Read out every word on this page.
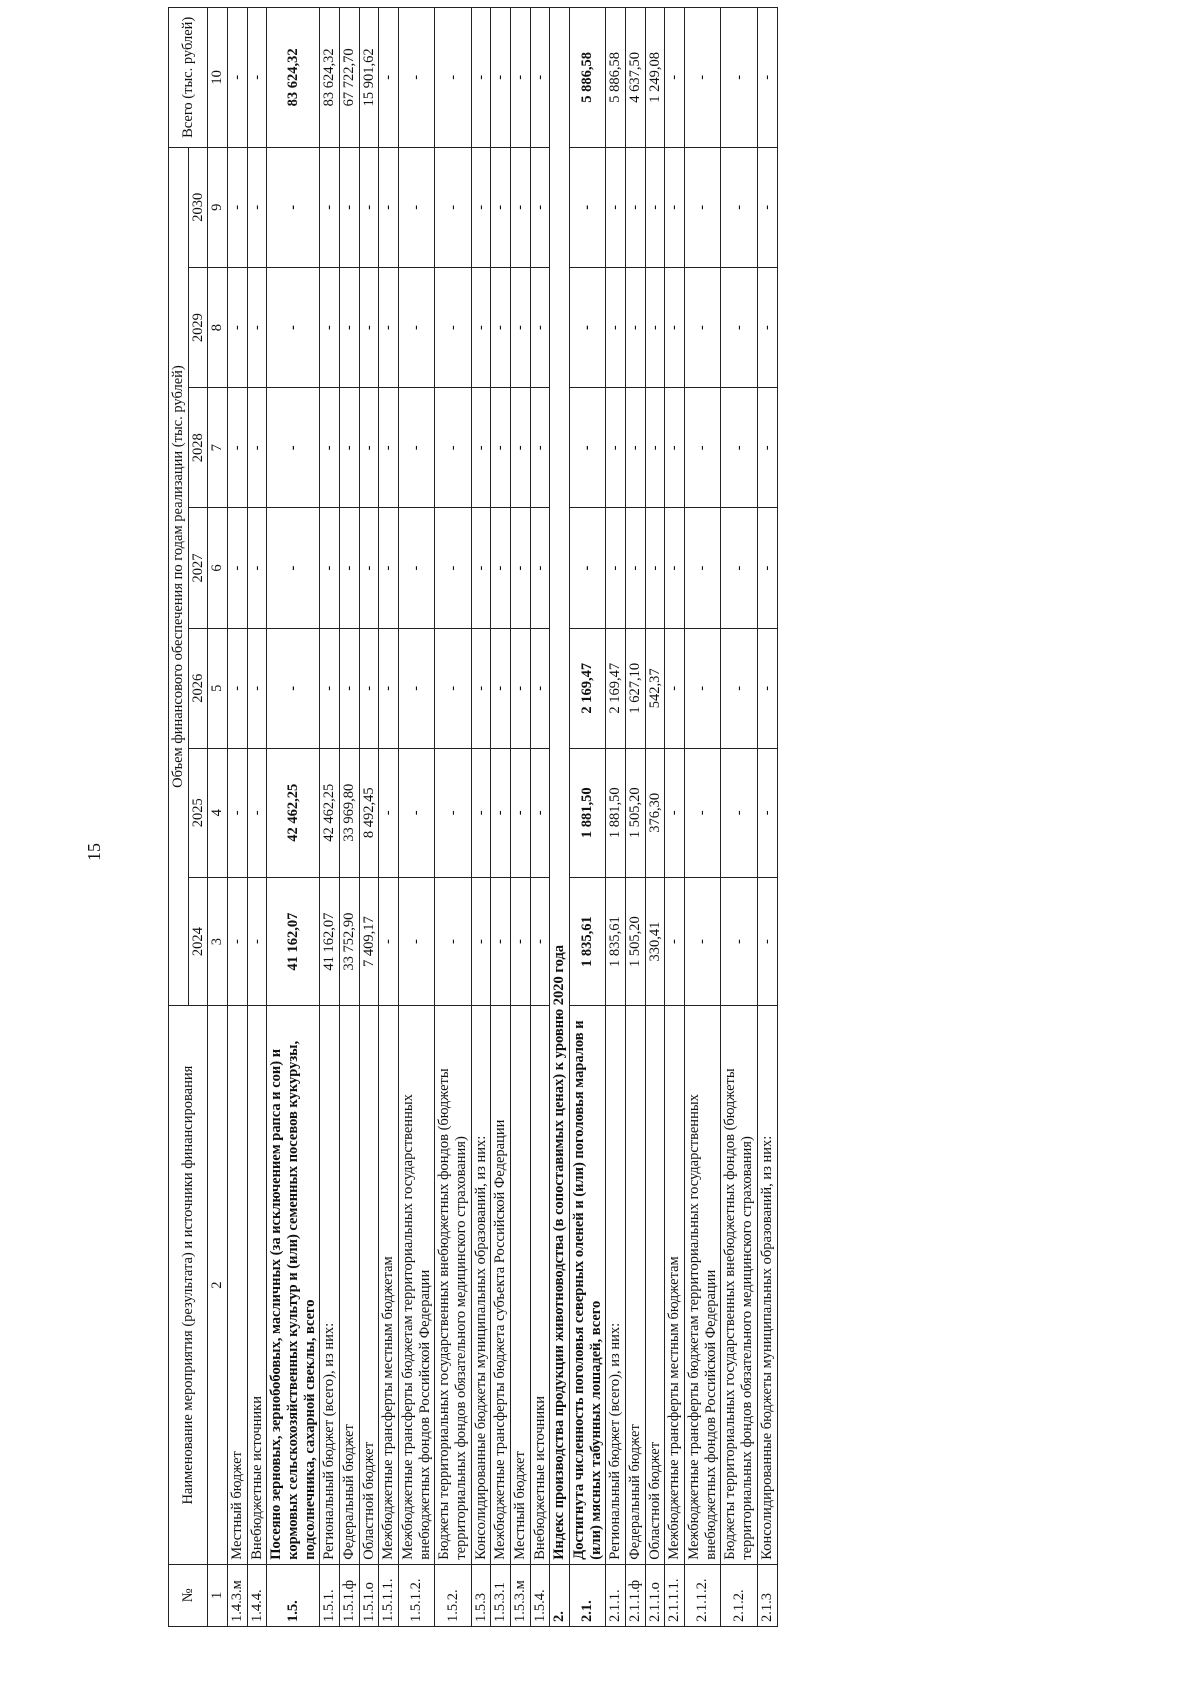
15
№	Наименование мероприятия (результата) и источники финансирования	Объем финансового обеспечения по годам реализации (тыс. рублей)							Всего (тыс. рублей)
		2024	2025	2026	2027	2028	2029	2030	
1	2	3	4	5	6	7	8	9	10
1.4.3.м	Местный бюджет	-	-	-	-	-	-	-	-
1.4.4.	Внебюджетные источники	-	-	-	-	-	-	-	-
1.5.	Посеяно зерновых, зернобобовых, масличных (за исключением рапса и сои) и кормовых сельскохозяйственных культур и (или) семенных посевов кукурузы, подсолнечника, сахарной свеклы, всего	41 162,07	42 462,25	-	-	-	-	-	83 624,32
1.5.1.	Региональный бюджет (всего), из них:	41 162,07	42 462,25	-	-	-	-	-	83 624,32
1.5.1.ф	Федеральный бюджет	33 752,90	33 969,80	-	-	-	-	-	67 722,70
1.5.1.о	Областной бюджет	7 409,17	8 492,45	-	-	-	-	-	15 901,62
1.5.1.1.	Межбюджетные трансферты местным бюджетам	-	-	-	-	-	-	-	-
1.5.1.2.	Межбюджетные трансферты бюджетам территориальных государственных внебюджетных фондов Российской Федерации	-	-	-	-	-	-	-	-
1.5.2.	Бюджеты территориальных государственных внебюджетных фондов (бюджеты территориальных фондов обязательного медицинского страхования)	-	-	-	-	-	-	-	-
1.5.3	Консолидированные бюджеты муниципальных образований, из них:	-	-	-	-	-	-	-	-
1.5.3.1	Межбюджетные трансферты бюджета субъекта Российской Федерации	-	-	-	-	-	-	-	-
1.5.3.м	Местный бюджет	-	-	-	-	-	-	-	-
1.5.4.	Внебюджетные источники	-	-	-	-	-	-	-	-
2.	Индекс производства продукции животноводства (в сопоставимых ценах) к уровню 2020 года								
2.1.	Достигнута численность поголовья северных оленей и (или) поголовья маралов и (или) мясных табунных лошадей, всего	1 835,61	1 881,50	2 169,47	-	-	-	-	5 886,58
2.1.1.	Региональный бюджет (всего), из них:	1 835,61	1 881,50	2 169,47	-	-	-	-	5 886,58
2.1.1.ф	Федеральный бюджет	1 505,20	1 505,20	1 627,10	-	-	-	-	4 637,50
2.1.1.о	Областной бюджет	330,41	376,30	542,37	-	-	-	-	1 249,08
2.1.1.1.	Межбюджетные трансферты местным бюджетам	-	-	-	-	-	-	-	-
2.1.1.2.	Межбюджетные трансферты бюджетам территориальных государственных внебюджетных фондов Российской Федерации	-	-	-	-	-	-	-	-
2.1.2.	Бюджеты территориальных государственных внебюджетных фондов (бюджеты территориальных фондов обязательного медицинского страхования)	-	-	-	-	-	-	-	-
2.1.3	Консолидированные бюджеты муниципальных образований, из них:	-	-	-	-	-	-	-	-
